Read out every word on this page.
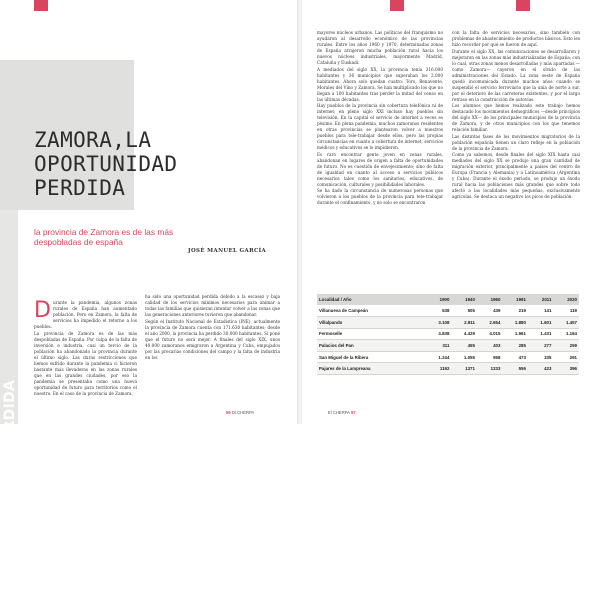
LA OPORTUNIDAD PERDIDA
ZAMORA,LA
OPORTUNIDAD
PERDIDA
la provincia de Zamora es de las más despobladas de españa
JOSÉ MANUEL GARCÍA

Durante la pandemia, algunos zonas rurales de España han aumentado población. Pero en Zamora, la falta de servicios ha impedido el retorno a los pueblos.

La provincia de Zamora es de las más despobladas de España. Por culpa de la falta de inversión e industria, casi un tercio de la población ha abandonado la provincia durante el último siglo. Las duras restricciones que hemos sufrido durante la pandemia ci hicieron bastante más llevaderas en las zonas rurales que en las grandes ciudades, por eso la pandemia se presentaba como una nueva oportunidad de futuro para territorios como el nuestro. En el caso de la provincia de Zamora,

ha sido una oportunidad perdida debido a la escasez y baja calidad de los servicios mínimos necesarios para animar a todas las familias que quisieran intentar volver a las zonas que las generaciones anteriores tuvieron que abandonar.

Según el Instituto Nacional de Estadística (INE), actualmente la provincia de Zamora cuenta con 171.630 habitantes; desde el año 2000, la provincia ha perdido 30.000 habitantes. Si poné que el futuro no será mejor. A finales del siglo XIX, unos 40.000 zamoranos emigraron a Argentina y Cuba, empujados por las precarias condiciones del campo y la falta de industria en los

56 Dr.CHERPA

mayores núcleos urbanos. Las políticas del franquismo no ayudaron al desarrollo económico de las provincias rurales. Entre los años 1960 y 1970, determinadas zonas de España atrajeron mucha población rural hacia los nuevos núcleos industriales, mayormente Madrid, Cataluña y Euskadi.

A mediados del siglo XX, la provincia tenía 316.000 habitantes y 36 municipios que superaban los 2.000 habitantes. Ahora solo quedan cuatro: Toro, Benavente, Morales del Vino y Zamora. Se han multiplicado los que no llegan a 100 habitantes tras perder la mitad del censo en las últimas décadas.

Hay pueblos de la provincia sin cobertura telefónica ni de internet; en pleno siglo XXI incluso hay pueblos sin televisión. En la capital el servicio de internet a veces es pésimo. En plena pandemia, muchos zamoranos residentes en otras provincias se plantearon volver a nuestros pueblos para tele-trabajar desde ellos, pero las propias circunstancias en cuanto a cobertura de internet, servicios médicos y educativos se lo impidieron.

Es raro encontrar gente joven en zonas rurales, abandonan en lugares de origen a falta de oportunidades de futuro. No es cuestión de envejecimiento; sino de falta de igualdad en cuanto al acceso a servicios públicos necesarios tales como los sanitarios, educativos, de comunicación, culturales y posibilidades laborales.

Se ha dado la circunstancia de numerosas personas que volvieron a los pueblos de la provincia para tele-trabajar durante el confinamiento, y no solo se encontraron

con la falta de servicios necesarios, sino también con problemas de abastecimiento de productos básicos. Esto les hizo recorder por qué se fueron de aquí.

Durante el siglo XX, las comunicaciones se desarrollaron y mejoraron en las zonas más industrializadas de España; con lo cual, otras zonas menos desarrolladas y más apartadas —como Zamora— cayeron en el olvido de las administraciones del Estado. La zona oeste de España quedó incomunicada durante muchos años cuando se suspendió el servicio ferroviario que la unía de norte a sur, por el deterioro de las carreteras existentes, y por el largo retraso en la construcción de autovías.

Los alumnos que hemos realizado este trabajo hemos destacado los movimientos demográficos —desde principios del siglo XX— de los principales municipios de la provincia de Zamora, y de otros municipios con los que tenemos relación familiar.

Las distintas fases de los movimientos migratorios de la población española tienen un claro reflejo en la población de la provincia de Zamora.

Como ya sabemos, desde finales del siglo XIX hasta casi mediados del siglo XX se produjo una gran cantidad de migración exterior, principalmente a países del centro de Europa (Francia y Alemania) y a Latinoamérica (Argentina y Cuba). Durante el éxodo periodo, se produjo un éxodo rural hacia las poblaciones más grandes que sobre todo afectó a las localidades más pequeñas, exclusivamente agrícolas. Se destaca un negativo los picos de población.

El CHERPA 57
Localidad / Año	1900	1940	1960	1991	2011	2020
Villanueva de Campeán	538	505	439	219	141	119
Villalpando	3.108	2.811	2.654	1.880	1.601	1.457
Fermoselle	4.838	4.429	4.015	1.961	1.431	1.164
Palacios del Pan	311	455	403	285	277	259
San Miguel de la Ribera	1.244	1.055	958	473	335	291
Pajares de la Lampreana	1192	1371	1233	556	423	396
